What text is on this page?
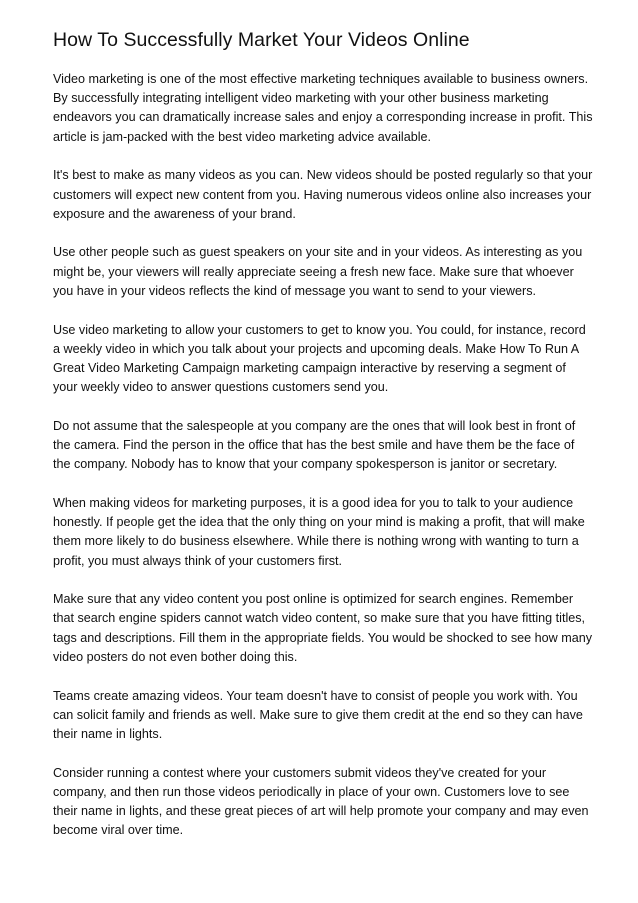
How To Successfully Market Your Videos Online

Video marketing is one of the most effective marketing techniques available to business owners. By successfully integrating intelligent video marketing with your other business marketing endeavors you can dramatically increase sales and enjoy a corresponding increase in profit. This article is jam-packed with the best video marketing advice available.

It's best to make as many videos as you can. New videos should be posted regularly so that your customers will expect new content from you. Having numerous videos online also increases your exposure and the awareness of your brand.

Use other people such as guest speakers on your site and in your videos. As interesting as you might be, your viewers will really appreciate seeing a fresh new face. Make sure that whoever you have in your videos reflects the kind of message you want to send to your viewers.

Use video marketing to allow your customers to get to know you. You could, for instance, record a weekly video in which you talk about your projects and upcoming deals. Make How To Run A Great Video Marketing Campaign marketing campaign interactive by reserving a segment of your weekly video to answer questions customers send you.

Do not assume that the salespeople at you company are the ones that will look best in front of the camera. Find the person in the office that has the best smile and have them be the face of the company. Nobody has to know that your company spokesperson is janitor or secretary.

When making videos for marketing purposes, it is a good idea for you to talk to your audience honestly. If people get the idea that the only thing on your mind is making a profit, that will make them more likely to do business elsewhere. While there is nothing wrong with wanting to turn a profit, you must always think of your customers first.

Make sure that any video content you post online is optimized for search engines. Remember that search engine spiders cannot watch video content, so make sure that you have fitting titles, tags and descriptions. Fill them in the appropriate fields. You would be shocked to see how many video posters do not even bother doing this.

Teams create amazing videos. Your team doesn't have to consist of people you work with. You can solicit family and friends as well. Make sure to give them credit at the end so they can have their name in lights.

Consider running a contest where your customers submit videos they've created for your company, and then run those videos periodically in place of your own. Customers love to see their name in lights, and these great pieces of art will help promote your company and may even become viral over time.
